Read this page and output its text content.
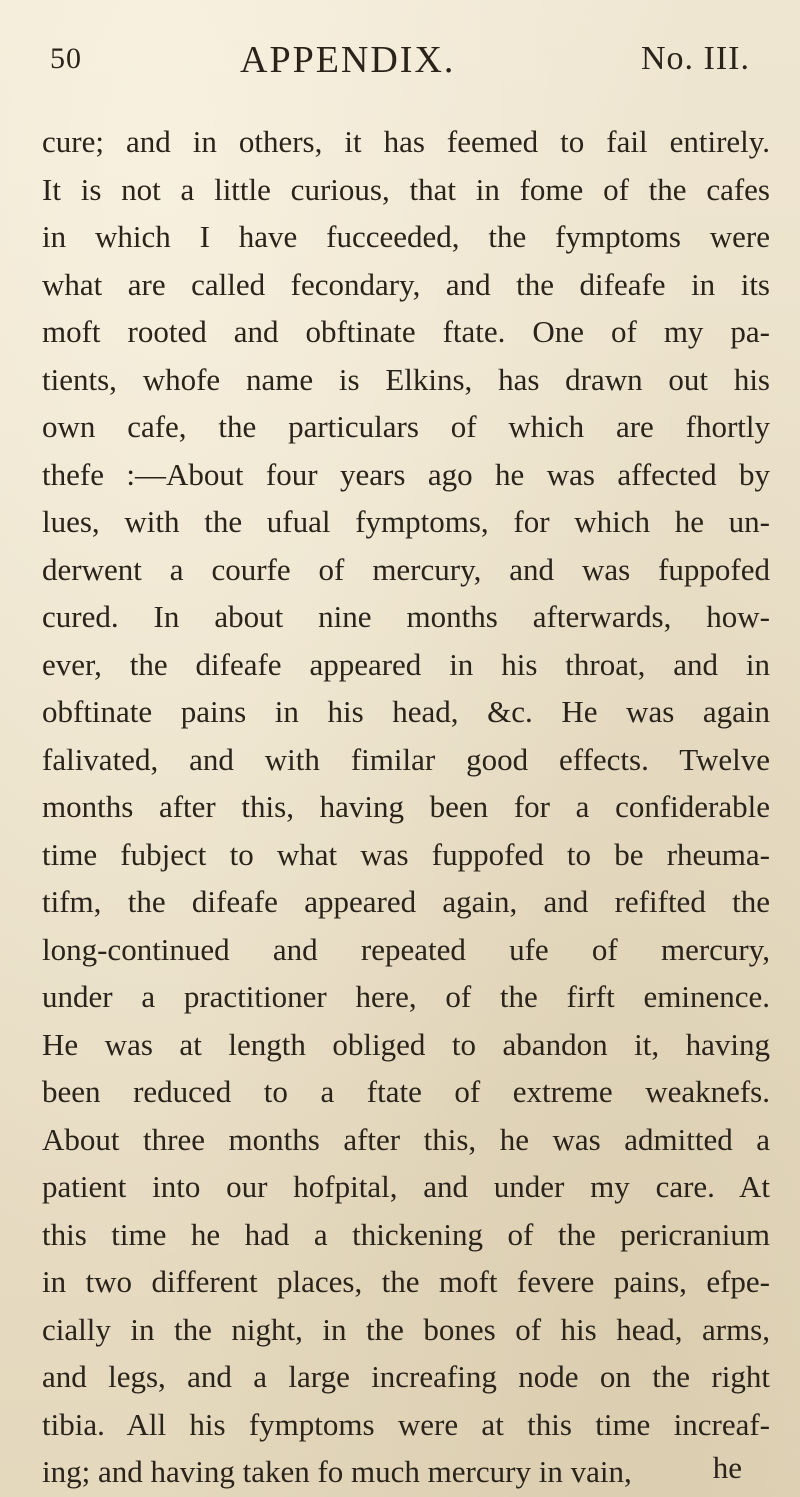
50	APPENDIX.	No. III.
cure; and in others, it has feemed to fail entirely.
It is not a little curious, that in fome of the cafes
in which I have fucceeded, the fymptoms were
what are called fecondary, and the difeafe in its
moft rooted and obftinate ftate. One of my pa-
tients, whofe name is Elkins, has drawn out his
own cafe, the particulars of which are fhortly
thefe :—About four years ago he was affected by
lues, with the ufual fymptoms, for which he un-
derwent a courfe of mercury, and was fuppofed
cured. In about nine months afterwards, how-
ever, the difeafe appeared in his throat, and in
obftinate pains in his head, &c. He was again
falivated, and with fimilar good effects. Twelve
months after this, having been for a confiderable
time fubject to what was fuppofed to be rheuma-
tifm, the difeafe appeared again, and refifted the
long-continued and repeated ufe of mercury,
under a practitioner here, of the firft eminence.
He was at length obliged to abandon it, having
been reduced to a ftate of extreme weaknefs.
About three months after this, he was admitted a
patient into our hofpital, and under my care. At
this time he had a thickening of the pericranium
in two different places, the moft fevere pains, efpe-
cially in the night, in the bones of his head, arms,
and legs, and a large increafing node on the right
tibia. All his fymptoms were at this time increaf-
ing; and having taken fo much mercury in vain,	he
